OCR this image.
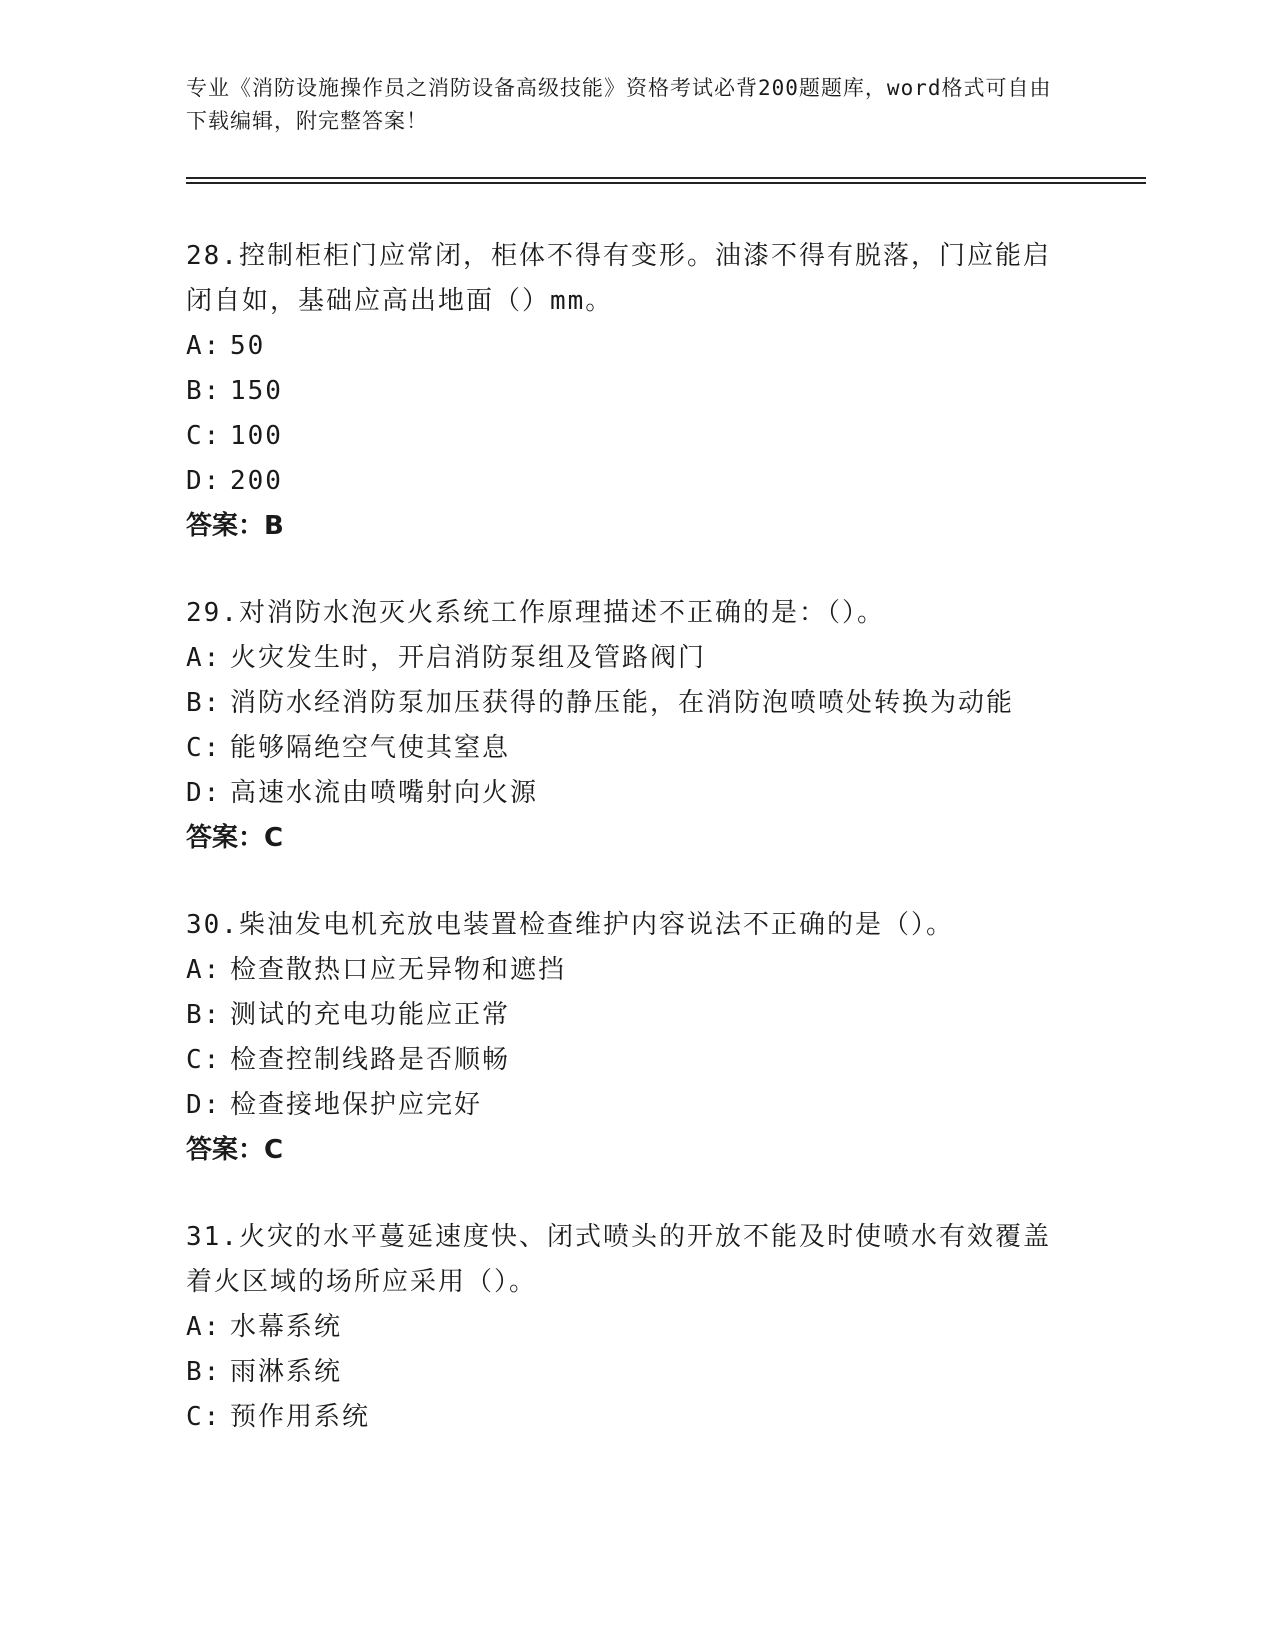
专业《消防设施操作员之消防设备高级技能》资格考试必背200题题库，word格式可自由下载编辑，附完整答案！
28.控制柜柜门应常闭，柜体不得有变形。油漆不得有脱落，门应能启闭自如，基础应高出地面（）mm。
A: 50
B: 150
C: 100
D: 200
答案：B
29.对消防水泡灭火系统工作原理描述不正确的是：（）。
A: 火灾发生时，开启消防泵组及管路阀门
B: 消防水经消防泵加压获得的静压能，在消防泡喷喷处转换为动能
C: 能够隔绝空气使其窒息
D: 高速水流由喷嘴射向火源
答案：C
30.柴油发电机充放电装置检查维护内容说法不正确的是（）。
A: 检查散热口应无异物和遮挡
B: 测试的充电功能应正常
C: 检查控制线路是否顺畅
D: 检查接地保护应完好
答案：C
31.火灾的水平蔓延速度快、闭式喷头的开放不能及时使喷水有效覆盖着火区域的场所应采用（）。
A: 水幕系统
B: 雨淋系统
C: 预作用系统
